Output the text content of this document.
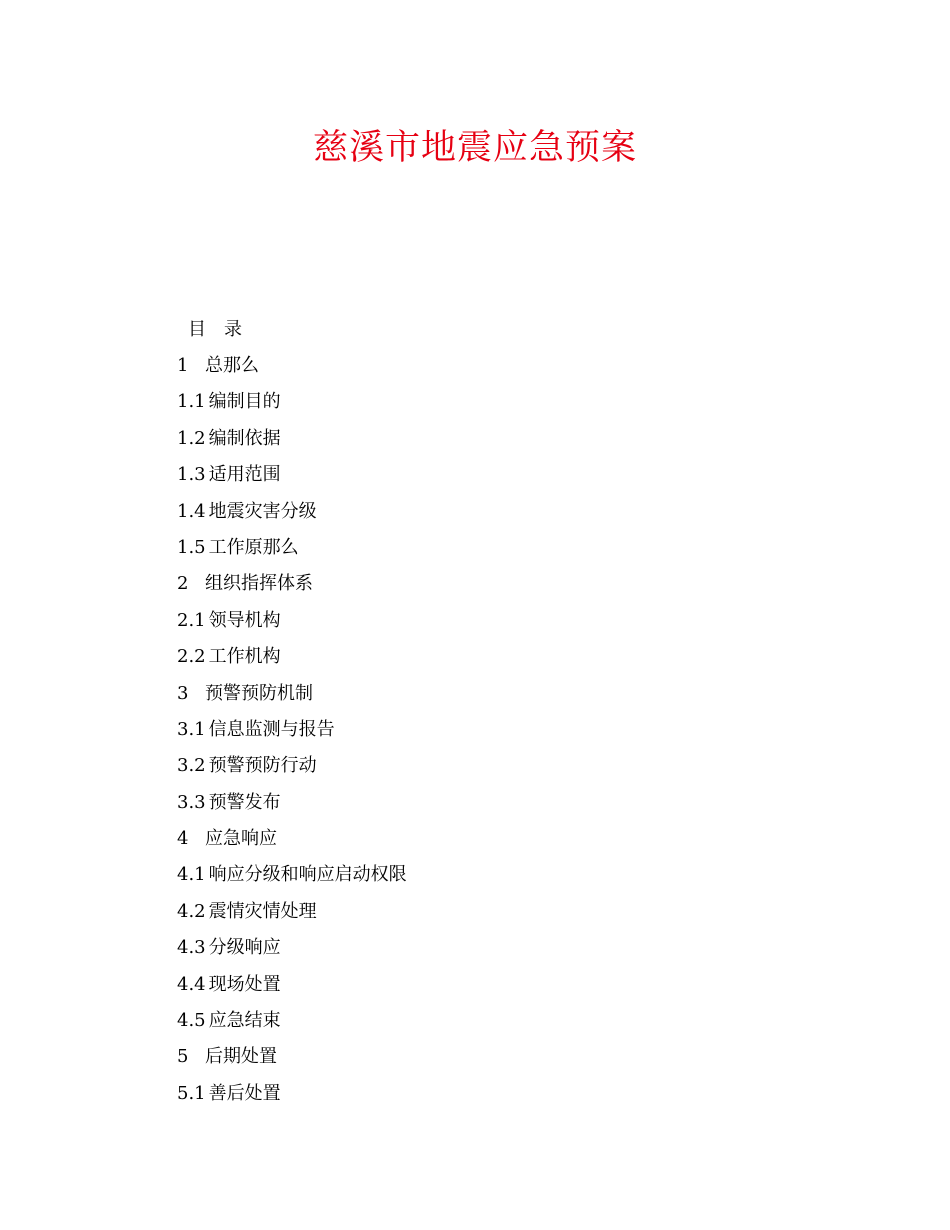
慈溪市地震应急预案
目　录
1 总那么
1.1 编制目的
1.2 编制依据
1.3 适用范围
1.4 地震灾害分级
1.5 工作原那么
2 组织指挥体系
2.1 领导机构
2.2 工作机构
3 预警预防机制
3.1 信息监测与报告
3.2 预警预防行动
3.3 预警发布
4 应急响应
4.1 响应分级和响应启动权限
4.2 震情灾情处理
4.3 分级响应
4.4 现场处置
4.5 应急结束
5 后期处置
5.1 善后处置
